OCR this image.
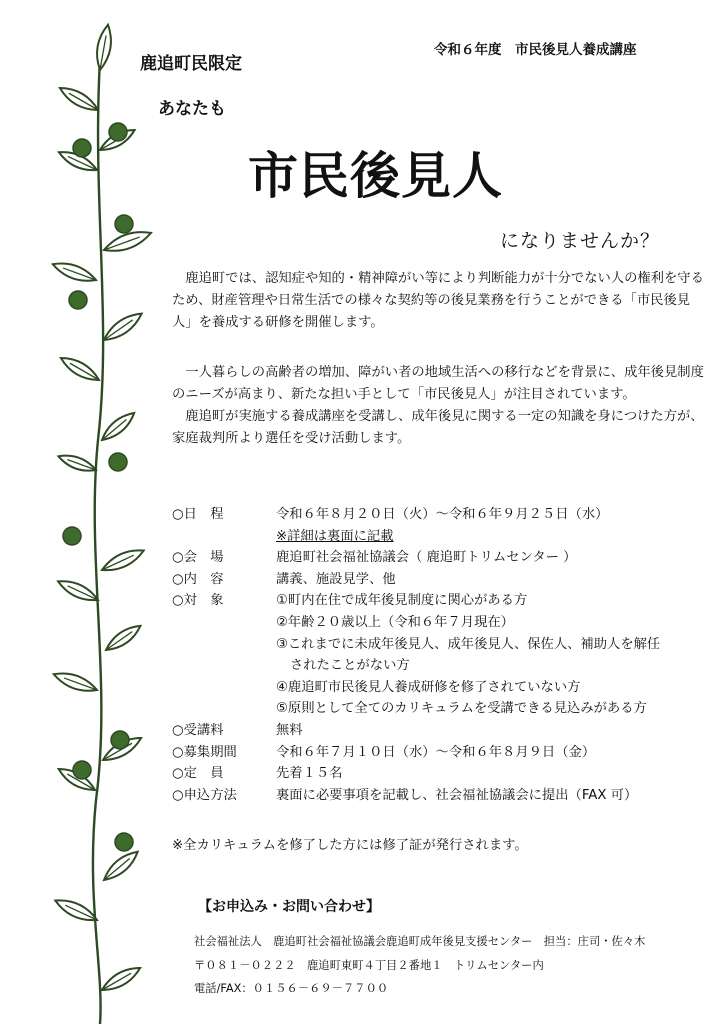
令和６年度　市民後見人養成講座
鹿追町民限定
あなたも
市民後見人
になりませんか？

鹿追町では、認知症や知的・精神障がい等により判断能力が十分でない人の権利を守るため、財産管理や日常生活での様々な契約等の後見業務を行うことができる「市民後見人」を養成する研修を開催します。

一人暮らしの高齢者の増加、障がい者の地域生活への移行などを背景に、成年後見制度のニーズが高まり、新たな担い手として「市民後見人」が注目されています。

鹿追町が実施する養成講座を受講し、成年後見に関する一定の知識を身につけた方が、家庭裁判所より選任を受け活動します。

○日　程	令和６年８月２０日（火）～令和６年９月２５日（水）
※詳細は裏面に記載
○会　場	鹿追町社会福祉協議会（ 鹿追町トリムセンター ）
○内　容	講義、施設見学、他
○対　象	①町内在住で成年後見制度に関心がある方
②年齢２０歳以上（令和６年７月現在）
③これまでに未成年後見人、成年後見人、保佐人、補助人を解任
されたことがない方
④鹿追町市民後見人養成研修を修了されていない方
⑤原則として全てのカリキュラムを受講できる見込みがある方
○受講料	無料
○募集期間	令和６年７月１０日（水）～令和６年８月９日（金）
○定　員	先着１５名
○申込方法	裏面に必要事項を記載し、社会福祉協議会に提出（FAX 可）
※全カリキュラムを修了した方には修了証が発行されます。
【お申込み・お問い合わせ】
社会福祉法人　鹿追町社会福祉協議会鹿追町成年後見支援センター　担当：庄司・佐々木
〒０８１－０２２２　鹿追町東町４丁目２番地１　トリムセンター内
電話/FAX：０１５６－６９－７７００
